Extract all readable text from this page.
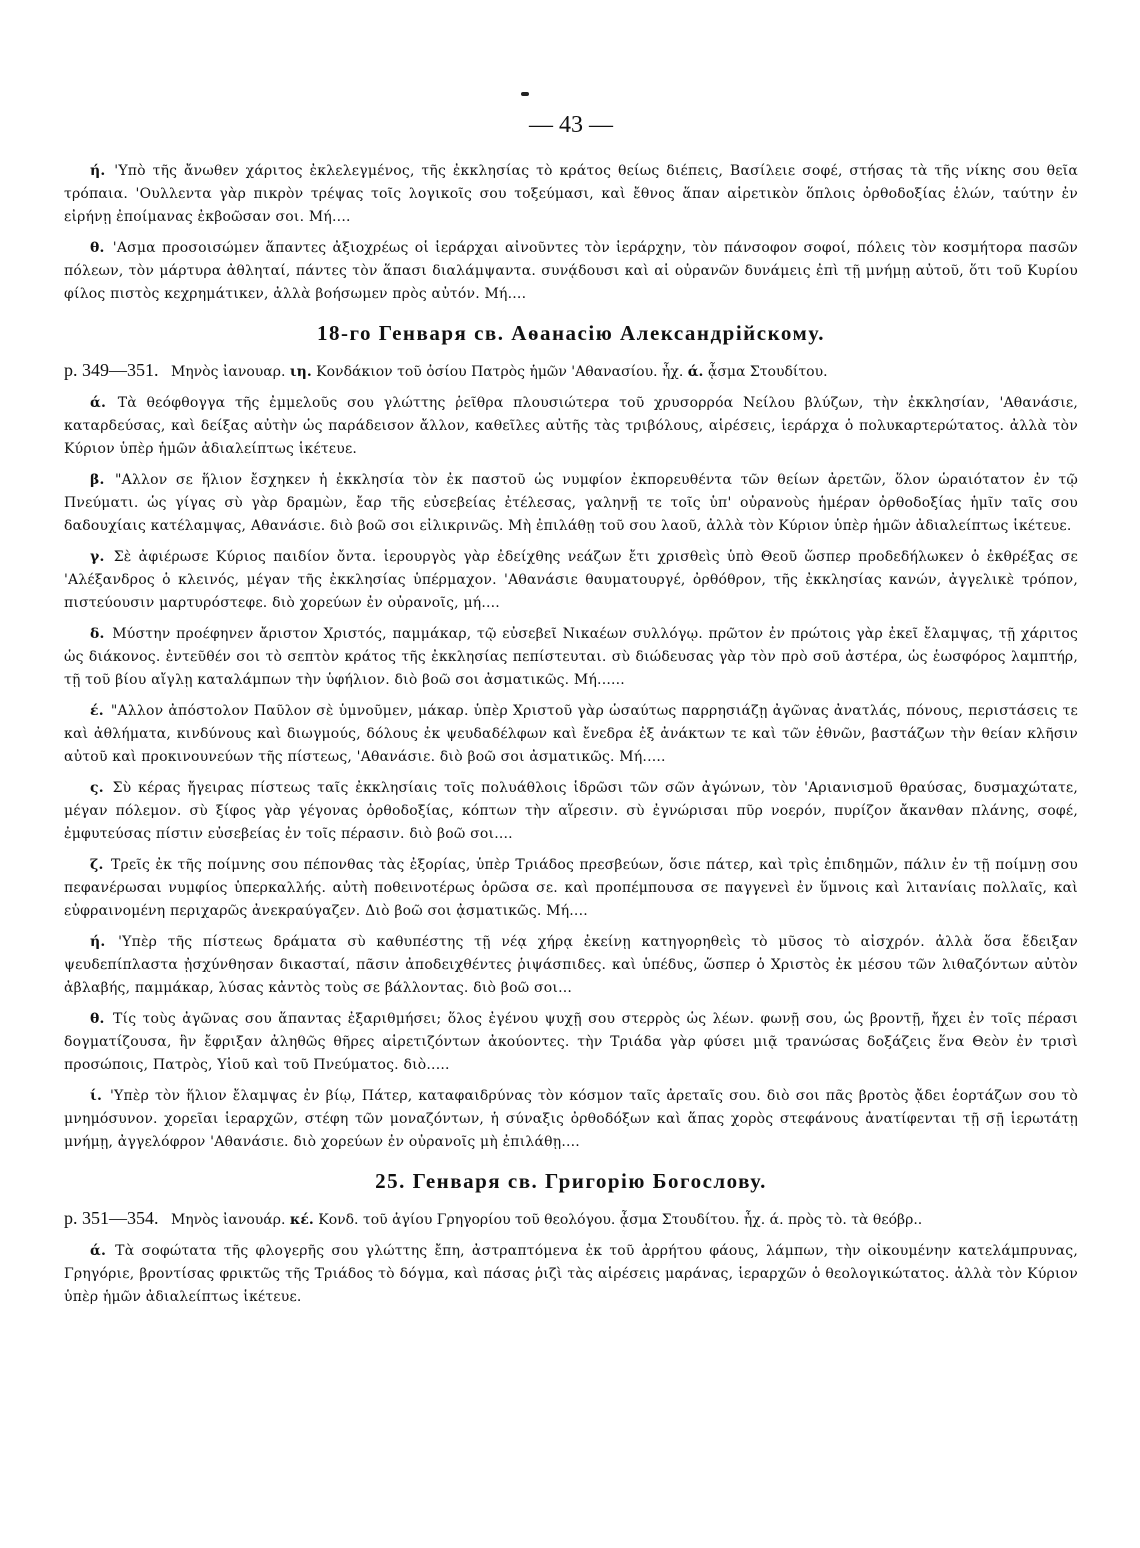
— 43 —

ή. 'Υπὸ τῆς ἄνωθεν χάριτος ἐκλελεγμένος, τῆς ἐκκλησίας τὸ κράτος θείως διέπεις, Βασίλειε σοφέ, στήσας τὰ τῆς νίκης σου θεῖα τρόπαια. 'Ουλλεντα γὰρ πικρὸν τρέψας τοῖς λογικοῖς σου τοξεύμασι, καὶ ἔθνος ἅπαν αἱρετικὸν ὅπλοις ὀρθοδοξίας ἑλών, ταύτην ἐν εἰρήνῃ ἐποίμανας ἐκβοῶσαν σοι. Μή....

θ. 'Ασμα προσοισώμεν ἅπαντες ἀξιοχρέως οἱ ἱεράρχαι αἰνοῦντες τὸν ἱεράρχην, τὸν πάνσοφον σοφοί, πόλεις τὸν κοσμήτορα πασῶν πόλεων, τὸν μάρτυρα ἀθληταί, πάντες τὸν ἅπασι διαλάμψαντα. συνᾴδουσι καὶ αἱ οὐρανῶν δυνάμεις ἐπὶ τῇ μνήμῃ αὐτοῦ, ὅτι τοῦ Κυρίου φίλος πιστὸς κεχρημάτικεν, ἀλλὰ βοήσωμεν πρὸς αὐτόν. Μή....

18-го Генваря св. Аѳанасію Александрійскому.

р. 349—351. Μηνὸς ἰανουαρ. ιη. Κονδάκιον τοῦ ὁσίου Πατρὸς ἡμῶν 'Αθανασίου. ἦχ. ά. ᾆσμα Στουδίτου.

ά. Τὰ θεόφθογγα τῆς ἐμμελοῦς σου γλώττης ῥεῖθρα πλουσιώτερα τοῦ χρυσορρόα Νείλου βλύζων, τὴν ἐκκλησίαν, 'Αθανάσιε, καταρδεύσας, καὶ δείξας αὐτὴν ὡς παράδεισον ἄλλον, καθεῖλες αὐτῆς τὰς τριβόλους, αἱρέσεις, ἱεράρχα ὁ πολυκαρτερώτατος. ἀλλὰ τὸν Κύριον ὑπὲρ ἡμῶν ἀδιαλείπτως ἱκέτευε.

β. "Αλλον σε ἥλιον ἔσχηκεν ἡ ἐκκλησία τὸν ἐκ παστοῦ ὡς νυμφίον ἐκπορευθέντα τῶν θείων ἀρετῶν, ὅλον ὡραιότατον ἐν τῷ Πνεύματι. ὡς γίγας σὺ γὰρ δραμὼν, ἔαρ τῆς εὐσεβείας ἐτέλεσας, γαληνῇ τε τοῖς ὑπ' οὐρανοὺς ἡμέραν ὀρθοδοξίας ἡμῖν ταῖς σου δαδουχίαις κατέλαμψας, Αθανάσιε. διὸ βοῶ σοι εἰλικρινῶς. Μὴ ἐπιλάθῃ τοῦ σου λαοῦ, ἀλλὰ τὸν Κύριον ὑπὲρ ἡμῶν ἀδιαλείπτως ἱκέτευε.

γ. Σὲ ἀφιέρωσε Κύριος παιδίον ὄντα. ἱερουργὸς γὰρ ἐδείχθης νεάζων ἔτι χρισθεὶς ὑπὸ Θεοῦ ὥσπερ προδεδήλωκεν ὁ ἐκθρέξας σε 'Αλέξανδρος ὁ κλεινός, μέγαν τῆς ἐκκλησίας ὑπέρμαχον. 'Αθανάσιε θαυματουργέ, ὀρθόθρον, τῆς ἐκκλησίας κανών, ἀγγελικὲ τρόπον, πιστεύουσιν μαρτυρόστεφε. διὸ χορεύων ἐν οὐρανοῖς, μή....

δ. Μύστην προέφηνεν ἄριστον Χριστός, παμμάκαρ, τῷ εὐσεβεῖ Νικαέων συλλόγῳ. πρῶτον ἐν πρώτοις γὰρ ἐκεῖ ἔλαμψας, τῇ χάριτος ὡς διάκονος. ἐντεῦθέν σοι τὸ σεπτὸν κράτος τῆς ἐκκλησίας πεπίστευται. σὺ διώδευσας γὰρ τὸν πρὸ σοῦ ἀστέρα, ὡς ἑωσφόρος λαμπτήρ, τῇ τοῦ βίου αἴγλῃ καταλάμπων τὴν ὑφήλιον. διὸ βοῶ σοι ἀσματικῶς. Μή......

έ. "Αλλον ἀπόστολον Παῦλον σὲ ὑμνοῦμεν, μάκαρ. ὑπὲρ Χριστοῦ γὰρ ὡσαύτως παρρησιάζῃ ἀγῶνας ἀνατλάς, πόνους, περιστάσεις τε καὶ ἀθλήματα, κινδύνους καὶ διωγμούς, δόλους ἐκ ψευδαδέλφων καὶ ἔνεδρα ἐξ ἀνάκτων τε καὶ τῶν ἐθνῶν, βαστάζων τὴν θείαν κλῆσιν αὐτοῦ καὶ προκινουνεύων τῆς πίστεως, 'Αθανάσιε. διὸ βοῶ σοι ἀσματικῶς. Μή.....

ς. Σὺ κέρας ἤγειρας πίστεως ταῖς ἐκκλησίαις τοῖς πολυάθλοις ἱδρῶσι τῶν σῶν ἀγώνων, τὸν 'Αριανισμοῦ θραύσας, δυσμαχώτατε, μέγαν πόλεμον. σὺ ξίφος γὰρ γέγονας ὀρθοδοξίας, κόπτων τὴν αἵρεσιν. σὺ ἐγνώρισαι πῦρ νοερόν, πυρίζον ἄκανθαν πλάνης, σοφέ, ἐμφυτεύσας πίστιν εὐσεβείας ἐν τοῖς πέρασιν. διὸ βοῶ σοι....

ζ. Τρεῖς ἐκ τῆς ποίμνης σου πέπονθας τὰς ἐξορίας, ὑπὲρ Τριάδος πρεσβεύων, ὅσιε πάτερ, καὶ τρὶς ἐπιδημῶν, πάλιν ἐν τῇ ποίμνῃ σου πεφανέρωσαι νυμφίος ὑπερκαλλής. αὐτὴ ποθεινοτέρως ὁρῶσα σε. καὶ προπέμπουσα σε παγγενεὶ ἐν ὕμνοις καὶ λιτανίαις πολλαῖς, καὶ εὐφραινομένη περιχαρῶς ἀνεκραύγαζεν. Διὸ βοῶ σοι ᾀσματικῶς. Μή....

ή. 'Υπὲρ τῆς πίστεως δράματα σὺ καθυπέστης τῇ νέᾳ χήρᾳ ἐκείνῃ κατηγορηθεὶς τὸ μῦσος τὸ αἰσχρόν. ἀλλὰ ὅσα ἔδειξαν ψευδεπίπλαστα ᾐσχύνθησαν δικασταί, πᾶσιν ἀποδειχθέντες ῥιψάσπιδες. καὶ ὑπέδυς, ὥσπερ ὁ Χριστὸς ἐκ μέσου τῶν λιθαζόντων αὐτὸν ἀβλαβής, παμμάκαρ, λύσας κἀντὸς τοὺς σε βάλλοντας. διὸ βοῶ σοι...

θ. Τίς τοὺς ἀγῶνας σου ἅπαντας ἐξαριθμήσει; ὅλος ἐγένου ψυχῇ σου στερρὸς ὡς λέων. φωνῇ σου, ὡς βροντῇ, ἤχει ἐν τοῖς πέρασι δογματίζουσα, ἣν ἔφριξαν ἀληθῶς θῆρες αἱρετιζόντων ἀκούοντες. τὴν Τριάδα γὰρ φύσει μιᾷ τρανώσας δοξάζεις ἕνα Θεὸν ἐν τρισὶ προσώποις, Πατρὸς, Υἱοῦ καὶ τοῦ Πνεύματος. διὸ.....

ί. 'Υπὲρ τὸν ἥλιον ἔλαμψας ἐν βίῳ, Πάτερ, καταφαιδρύνας τὸν κόσμον ταῖς ἀρεταῖς σου. διὸ σοι πᾶς βροτὸς ᾄδει ἑορτάζων σου τὸ μνημόσυνον. χορεῖαι ἱεραρχῶν, στέφη τῶν μοναζόντων, ἡ σύναξις ὀρθοδόξων καὶ ἅπας χορὸς στεφάνους ἀνατίφενται τῇ σῇ ἱερωτάτῃ μνήμῃ, ἀγγελόφρον 'Αθανάσιε. διὸ χορεύων ἐν οὐρανοῖς μὴ ἐπιλάθῃ....

25. Генваря св. Григорію Богослову.

р. 351—354. Μηνὸς ἰανουάρ. κέ. Κονδ. τοῦ ἁγίου Γρηγορίου τοῦ θεολόγου. ᾆσμα Στουδίτου. ἦχ. ά. πρὸς τὸ. τὰ θεόβρ..

ά. Τὰ σοφώτατα τῆς φλογερῆς σου γλώττης ἔπη, ἀστραπτόμενα ἐκ τοῦ ἀρρήτου φάους, λάμπων, τὴν οἰκουμένην κατελάμπρυνας, Γρηγόριε, βροντίσας φρικτῶς τῆς Τριάδος τὸ δόγμα, καὶ πάσας ῥιζὶ τὰς αἱρέσεις μαράνας, ἱεραρχῶν ὁ θεολογικώτατος. ἀλλὰ τὸν Κύριον ὑπὲρ ἡμῶν ἀδιαλείπτως ἱκέτευε.
